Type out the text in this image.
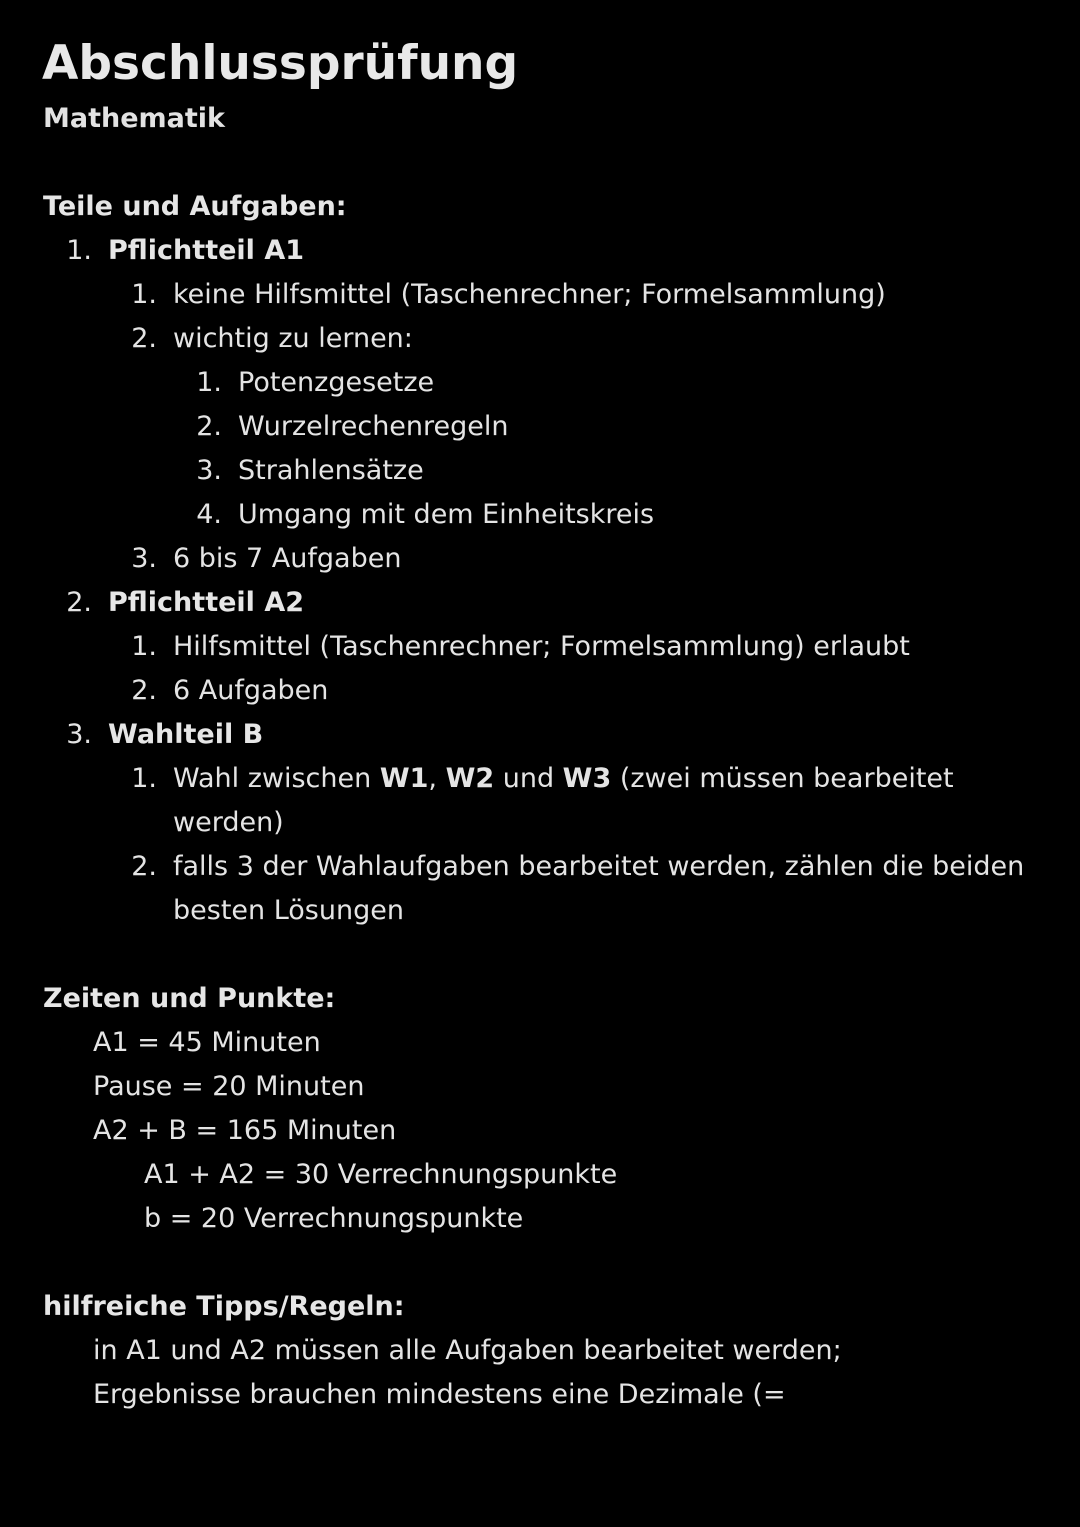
Abschlussprüfung
Mathematik
Teile und Aufgaben:
1. Pflichtteil A1
1. keine Hilfsmittel (Taschenrechner; Formelsammlung)
2. wichtig zu lernen:
1. Potenzgesetze
2. Wurzelrechenregeln
3. Strahlensätze
4. Umgang mit dem Einheitskreis
3. 6 bis 7 Aufgaben
2. Pflichtteil A2
1. Hilfsmittel (Taschenrechner; Formelsammlung) erlaubt
2. 6 Aufgaben
3. Wahlteil B
1. Wahl zwischen W1, W2 und W3 (zwei müssen bearbeitet
werden)
2. falls 3 der Wahlaufgaben bearbeitet werden, zählen die beiden
besten Lösungen
Zeiten und Punkte:
A1 = 45 Minuten
Pause = 20 Minuten
A2 + B = 165 Minuten
A1 + A2 = 30 Verrechnungspunkte
b = 20 Verrechnungspunkte
hilfreiche Tipps/Regeln:
in A1 und A2 müssen alle Aufgaben bearbeitet werden;
Ergebnisse brauchen mindestens eine Dezimale (=
